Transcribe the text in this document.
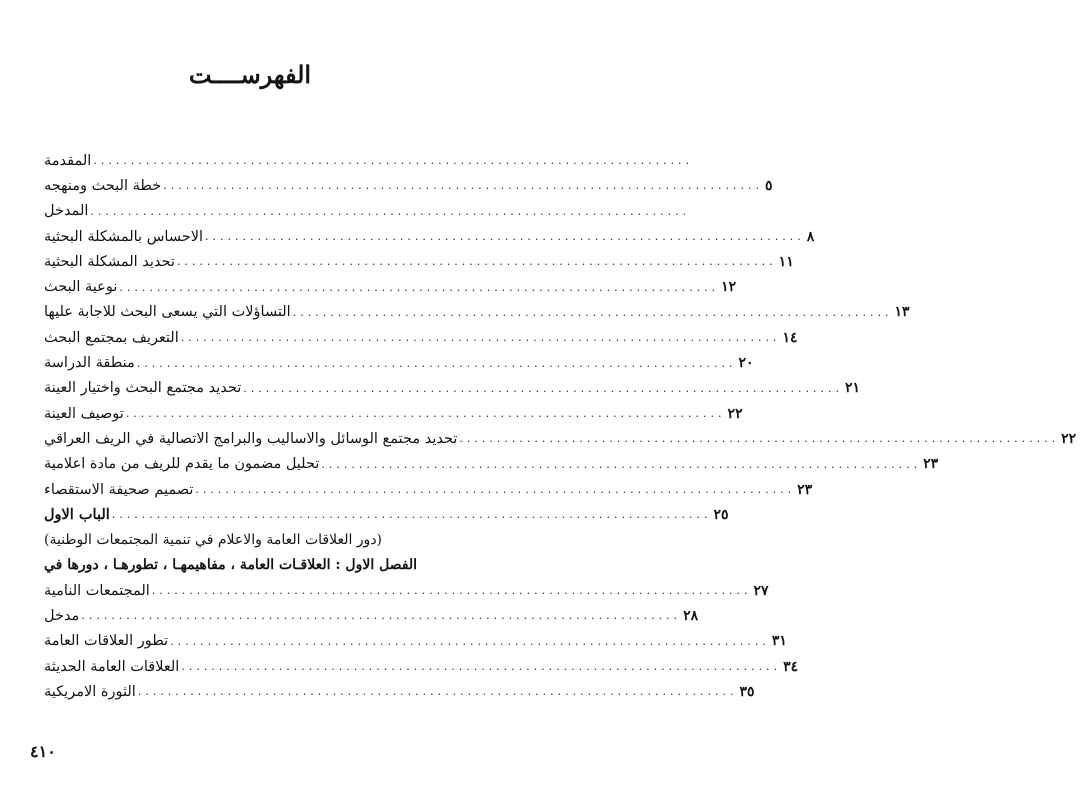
الفهرســــت
المقدمة ................................................................................
خطة البحث ومنهجه ................................................................................ ٥
المدخل ................................................................................
الاحساس بالمشكلة البحثية ................................................................................ ٨
تحديد المشكلة البحثية ................................................................................ ١١
نوعية البحث ................................................................................ ١٢
التساؤلات التي يسعى البحث للاجابة عليها ................................................................................ ١٣
التعريف بمجتمع البحث ................................................................................ ١٤
منطقة الدراسة ................................................................................ ٢٠
تحديد مجتمع البحث واختيار العينة ................................................................................ ٢١
توصيف العينة ................................................................................ ٢٢
تحديد مجتمع الوسائل والاساليب والبرامج الاتصالية في الريف العراقي ................................................................................ ٢٢
تحليل مضمون ما يقدم للريف من مادة اعلامية ................................................................................ ٢٣
تصميم صحيفة الاستقصاء ................................................................................ ٢٣
الباب الاول ................................................................................ ٢٥
(دور العلاقات العامة والاعلام في تنمية المجتمعات الوطنية)
الفصل الاول : العلاقـات العامة ، مفاهيمهـا ، تطورهـا ، دورها في
المجتمعات النامية ................................................................................ ٢٧
مدخل ................................................................................ ٢٨
تطور العلاقات العامة ................................................................................ ٣١
العلاقات العامة الحديثة ................................................................................ ٣٤
الثورة الامريكية ................................................................................ ٣٥
٤١٠
